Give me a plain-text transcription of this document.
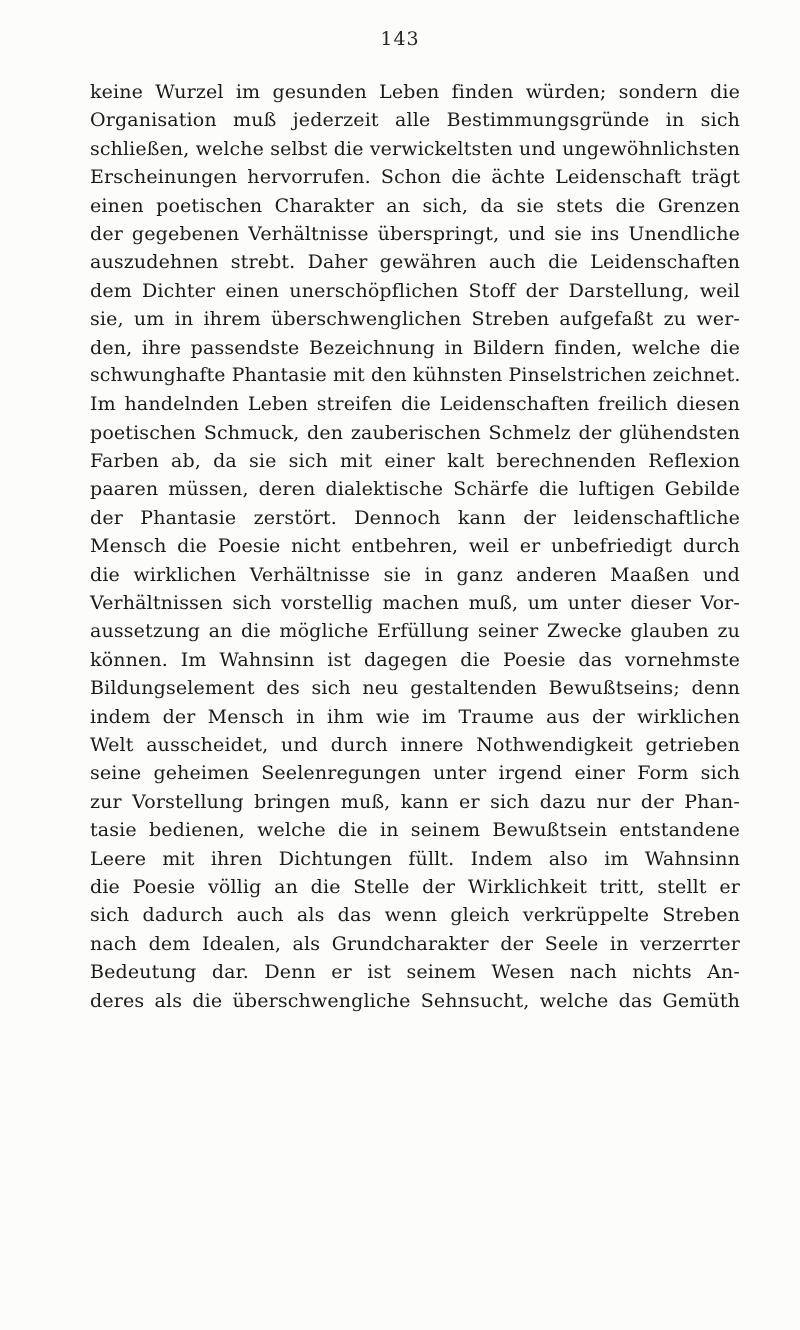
143
keine Wurzel im gesunden Leben finden würden; sondern die
Organisation muß jederzeit alle Bestimmungsgründe in sich
schließen, welche selbst die verwickeltsten und ungewöhnlichsten
Erscheinungen hervorrufen. Schon die ächte Leidenschaft trägt
einen poetischen Charakter an sich, da sie stets die Grenzen
der gegebenen Verhältnisse überspringt, und sie ins Unendliche
auszudehnen strebt. Daher gewähren auch die Leidenschaften
dem Dichter einen unerschöpflichen Stoff der Darstellung, weil
sie, um in ihrem überschwenglichen Streben aufgefaßt zu wer-
den, ihre passendste Bezeichnung in Bildern finden, welche die
schwunghafte Phantasie mit den kühnsten Pinselstrichen zeichnet.
Im handelnden Leben streifen die Leidenschaften freilich diesen
poetischen Schmuck, den zauberischen Schmelz der glühendsten
Farben ab, da sie sich mit einer kalt berechnenden Reflexion
paaren müssen, deren dialektische Schärfe die luftigen Gebilde
der Phantasie zerstört. Dennoch kann der leidenschaftliche
Mensch die Poesie nicht entbehren, weil er unbefriedigt durch
die wirklichen Verhältnisse sie in ganz anderen Maaßen und
Verhältnissen sich vorstellig machen muß, um unter dieser Vor-
aussetzung an die mögliche Erfüllung seiner Zwecke glauben zu
können. Im Wahnsinn ist dagegen die Poesie das vornehmste
Bildungselement des sich neu gestaltenden Bewußtseins; denn
indem der Mensch in ihm wie im Traume aus der wirklichen
Welt ausscheidet, und durch innere Nothwendigkeit getrieben
seine geheimen Seelenregungen unter irgend einer Form sich
zur Vorstellung bringen muß, kann er sich dazu nur der Phan-
tasie bedienen, welche die in seinem Bewußtsein entstandene
Leere mit ihren Dichtungen füllt. Indem also im Wahnsinn
die Poesie völlig an die Stelle der Wirklichkeit tritt, stellt er
sich dadurch auch als das wenn gleich verkrüppelte Streben
nach dem Idealen, als Grundcharakter der Seele in verzerrter
Bedeutung dar. Denn er ist seinem Wesen nach nichts An-
deres als die überschwengliche Sehnsucht, welche das Gemüth
